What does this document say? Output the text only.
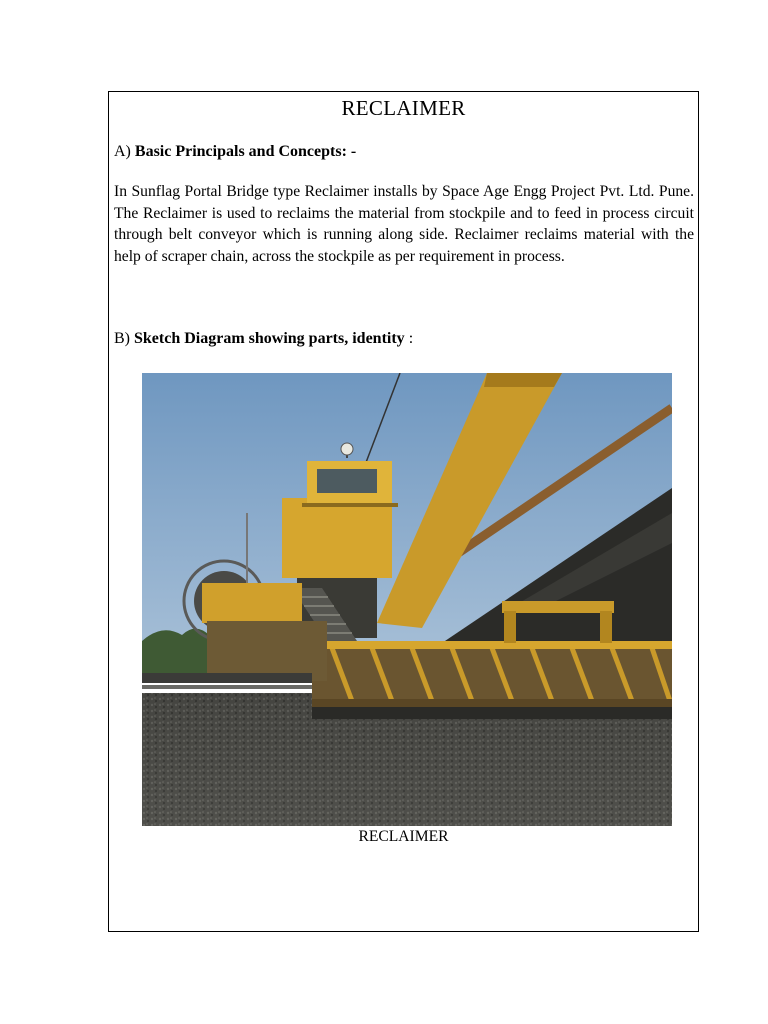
RECLAIMER
A) Basic Principals and Concepts: -

In Sunflag Portal Bridge type Reclaimer installs by Space Age Engg Project Pvt. Ltd. Pune. The Reclaimer is used to reclaims the material from stockpile and to feed in process circuit through belt conveyor which is running along side. Reclaimer reclaims material with the help of scraper chain, across the stockpile as per requirement in process.

B) Sketch Diagram showing parts, identity :
RECLAIMER
